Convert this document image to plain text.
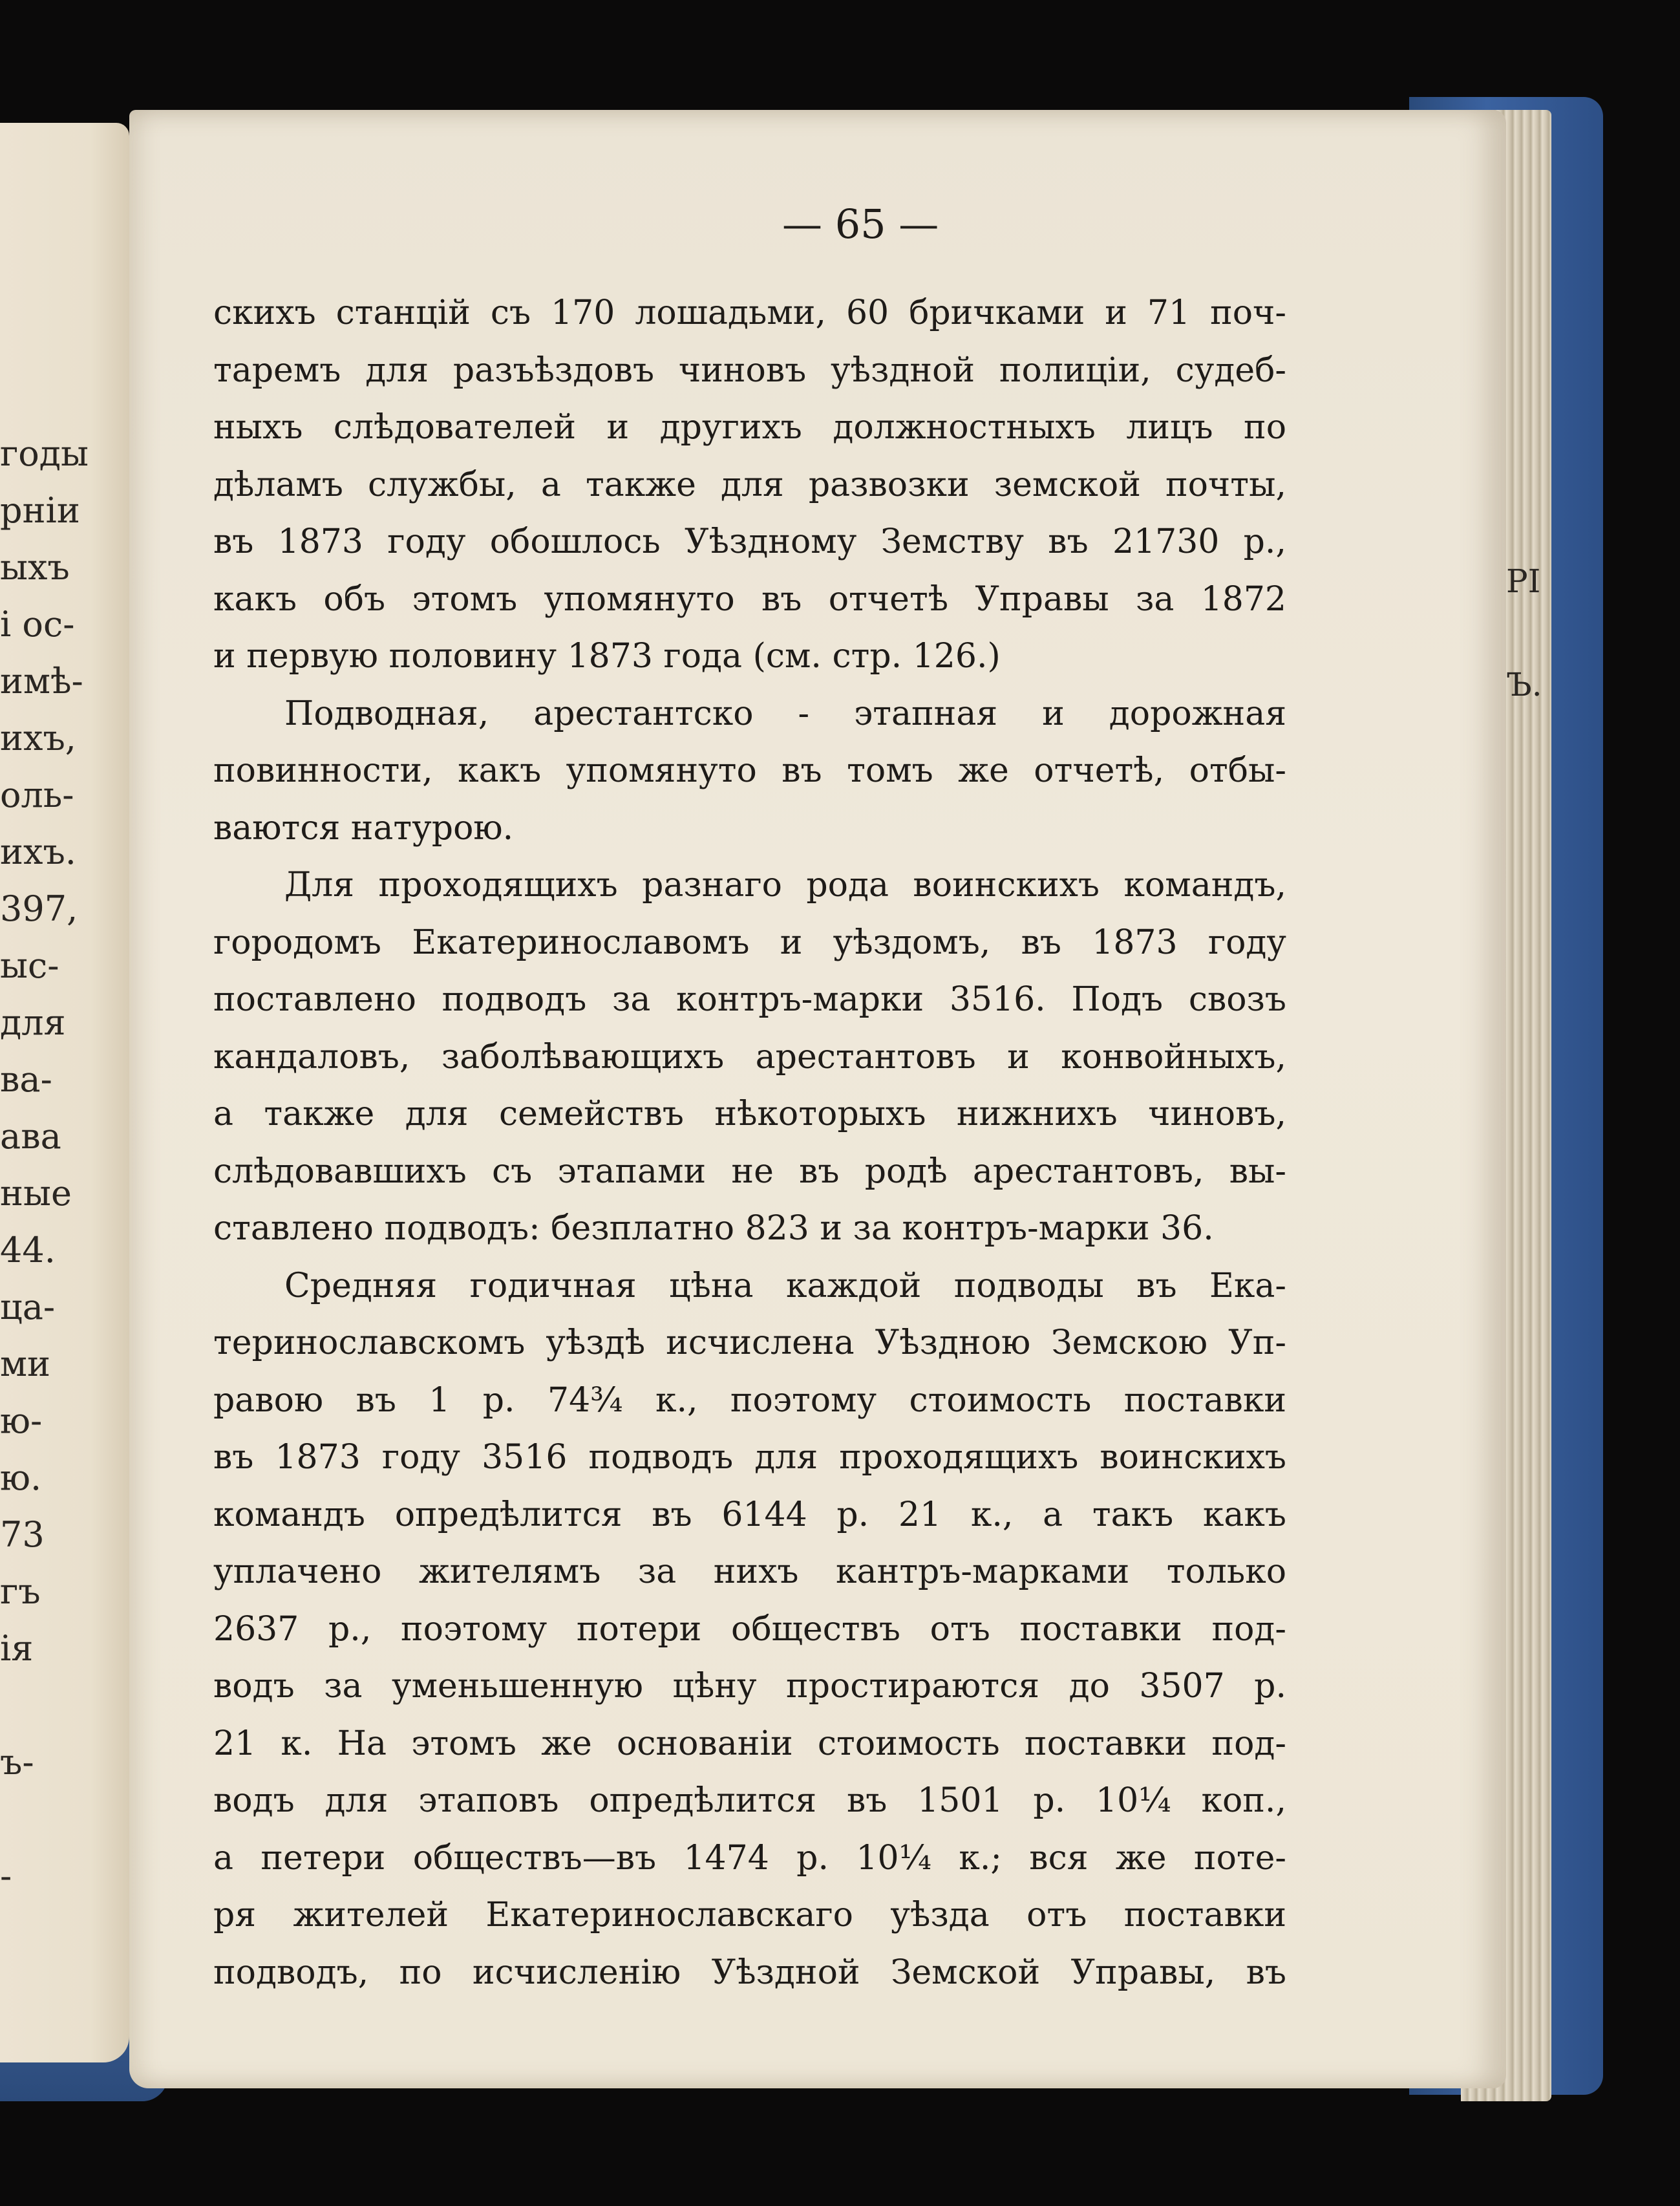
годы
рніи
ыхъ
і ос-
имѣ-
ихъ,
оль-
ихъ.
397,
ыс-
для
ва-
ава
ные
44.
ца-
ми
ю-
ю.
73
гъ
ія
ъ-
-
РІ
Ъ.
— 65 —
скихъ станцій съ 170 лошадьми, 60 бричками и 71 поч-
таремъ для разъѣздовъ чиновъ уѣздной полиціи, судеб-
ныхъ слѣдователей и другихъ должностныхъ лицъ по
дѣламъ службы, а также для развозки земской почты,
въ 1873 году обошлось Уѣздному Земству въ 21730 р.,
какъ объ этомъ упомянуто въ отчетѣ Управы за 1872
и первую половину 1873 года (см. стр. 126.)
Подводная, арестантско - этапная и дорожная
повинности, какъ упомянуто въ томъ же отчетѣ, отбы-
ваются натурою.
Для проходящихъ разнаго рода воинскихъ командъ,
городомъ Екатеринославомъ и уѣздомъ, въ 1873 году
поставлено подводъ за контръ-марки 3516. Подъ свозъ
кандаловъ, заболѣвающихъ арестантовъ и конвойныхъ,
а также для семействъ нѣкоторыхъ нижнихъ чиновъ,
слѣдовавшихъ съ этапами не въ родѣ арестантовъ, вы-
ставлено подводъ: безплатно 823 и за контръ-марки 36.
Средняя годичная цѣна каждой подводы въ Ека-
теринославскомъ уѣздѣ исчислена Уѣздною Земскою Уп-
равою въ 1 р. 74¾ к., поэтому стоимость поставки
въ 1873 году 3516 подводъ для проходящихъ воинскихъ
командъ опредѣлится въ 6144 р. 21 к., а такъ какъ
уплачено жителямъ за нихъ кантръ-марками только
2637 р., поэтому потери обществъ отъ поставки под-
водъ за уменьшенную цѣну простираются до 3507 р.
21 к. На этомъ же основаніи стоимость поставки под-
водъ для этаповъ опредѣлится въ 1501 р. 10¼ коп.,
а петери обществъ—въ 1474 р. 10¼ к.; вся же поте-
ря жителей Екатеринославскаго уѣзда отъ поставки
подводъ, по исчисленію Уѣздной Земской Управы, въ
